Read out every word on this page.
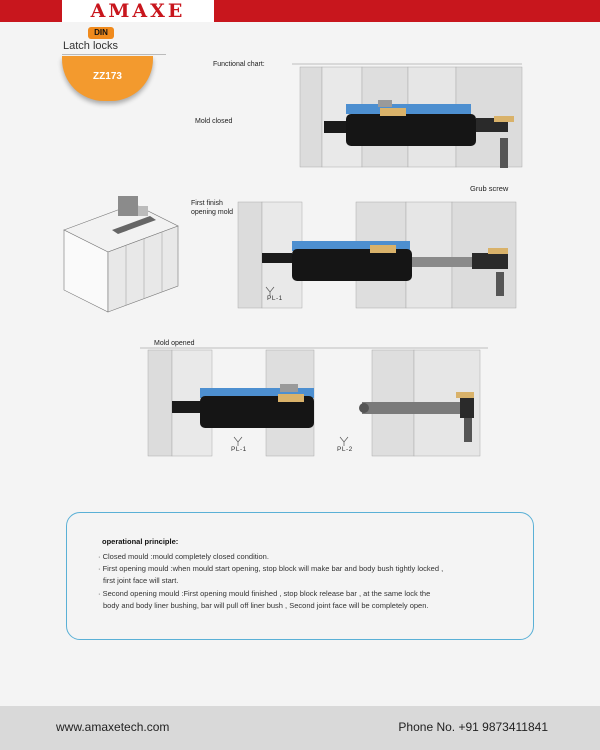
AMAXE
DIN
Latch locks
ZZ173
Functional chart:
Mold closed
Grub screw
First finish
opening mold
Mold opened
PL-1
PL-1	PL-2
operational principle:
· Closed mould :mould completely closed condition.
· First opening mould :when mould start opening, stop block will make bar and body bush tightly locked ,
first joint face will start.
· Second opening mould :First opening mould finished , stop block release bar , at the same lock the
body and body liner bushing, bar will pull off liner bush , Second joint face will be completely open.
www.amaxetech.com	Phone No. +91 9873411841
